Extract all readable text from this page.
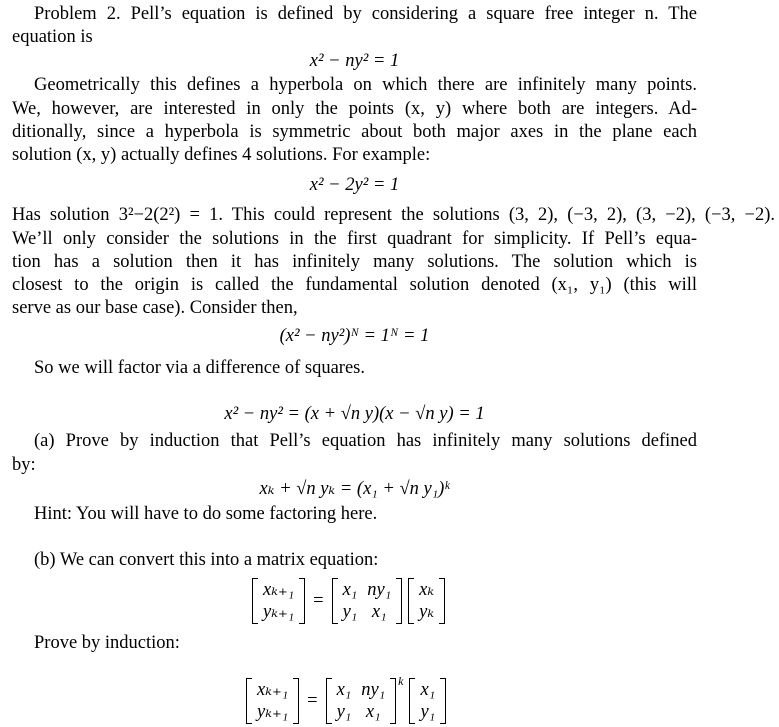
Problem 2. Pell’s equation is defined by considering a square free integer n. The
equation is
x² − ny² = 1
Geometrically this defines a hyperbola on which there are infinitely many points.
We, however, are interested in only the points (x, y) where both are integers. Ad-
ditionally, since a hyperbola is symmetric about both major axes in the plane each
solution (x, y) actually defines 4 solutions. For example:
x² − 2y² = 1
Has solution 3²−2(2²) = 1. This could represent the solutions (3, 2), (−3, 2), (3, −2), (−3, −2).
We’ll only consider the solutions in the first quadrant for simplicity. If Pell’s equa-
tion has a solution then it has infinitely many solutions. The solution which is
closest to the origin is called the fundamental solution denoted (x₁, y₁) (this will
serve as our base case). Consider then,
(x² − ny²)ᴺ = 1ᴺ = 1
So we will factor via a difference of squares.
x² − ny² = (x + √n y)(x − √n y) = 1
(a) Prove by induction that Pell’s equation has infinitely many solutions defined
by:
xₖ + √n yₖ = (x₁ + √n y₁)ᵏ
Hint: You will have to do some factoring here.
(b) We can convert this into a matrix equation:
xₖ₊₁
yₖ₊₁
=
x₁ ny₁
y₁ x₁
xₖ
yₖ
Prove by induction:
xₖ₊₁
yₖ₊₁
=
x₁ ny₁
y₁ x₁
k x₁
y₁
